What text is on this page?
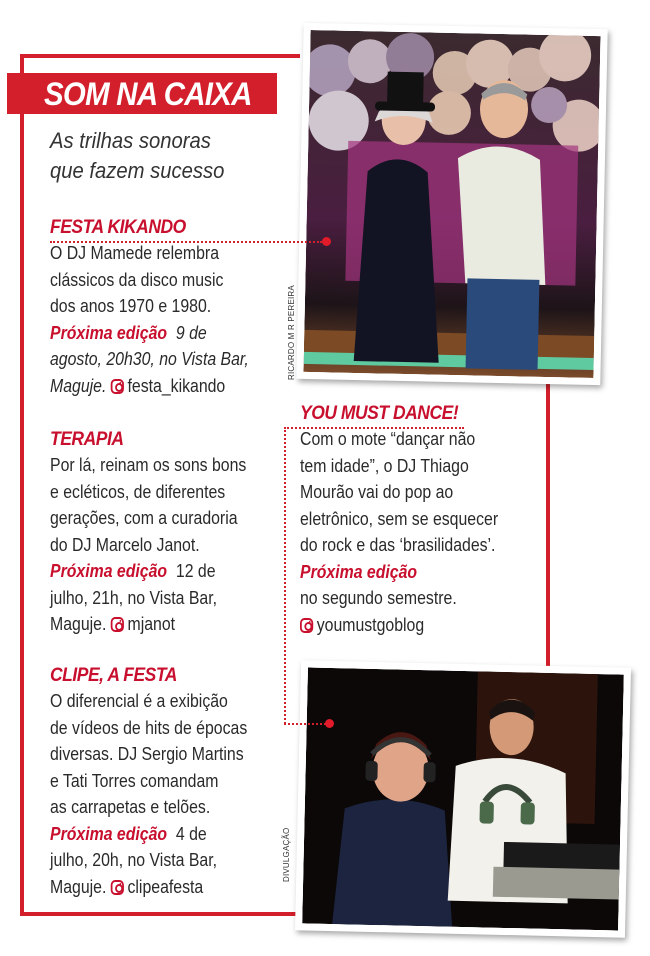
SOM NA CAIXA
As trilhas sonoras
que fazem sucesso
RICARDO M R PEREIRA
DIVULGAÇÃO
FESTA KIKANDO

O DJ Mamede relembra

clássicos da disco music

dos anos 1970 e 1980.

Próxima edição 9 de

agosto, 20h30, no Vista Bar,

Maguje. festa_kikando

TERAPIA

Por lá, reinam os sons bons

e ecléticos, de diferentes

gerações, com a curadoria

do DJ Marcelo Janot.

Próxima edição 12 de

julho, 21h, no Vista Bar,

Maguje. mjanot

CLIPE, A FESTA

O diferencial é a exibição

de vídeos de hits de épocas

diversas. DJ Sergio Martins

e Tati Torres comandam

as carrapetas e telões.

Próxima edição 4 de

julho, 20h, no Vista Bar,

Maguje. clipeafesta

YOU MUST DANCE!

Com o mote “dançar não

tem idade”, o DJ Thiago

Mourão vai do pop ao

eletrônico, sem se esquecer

do rock e das ‘brasilidades’.

Próxima edição

no segundo semestre.

youmustgoblog
